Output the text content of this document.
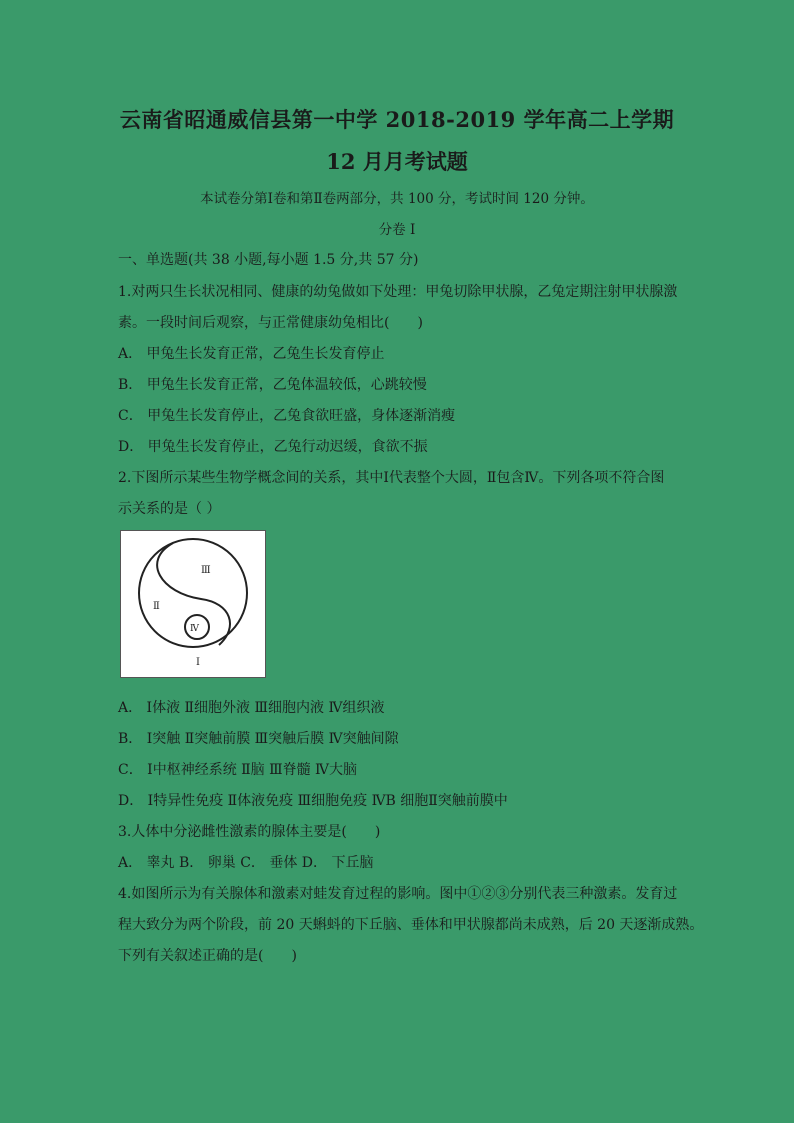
云南省昭通威信县第一中学 2018-2019 学年高二上学期
12 月月考试题
本试卷分第Ⅰ卷和第Ⅱ卷两部分，共 100 分，考试时间 120 分钟。
分卷 I
一、单选题(共 38 小题,每小题 1.5 分,共 57 分)
1.对两只生长状况相同、健康的幼兔做如下处理：甲兔切除甲状腺，乙兔定期注射甲状腺激
素。一段时间后观察，与正常健康幼兔相比(　　)
A． 甲兔生长发育正常，乙兔生长发育停止
B． 甲兔生长发育正常，乙兔体温较低，心跳较慢
C． 甲兔生长发育停止，乙兔食欲旺盛，身体逐渐消瘦
D． 甲兔生长发育停止，乙兔行动迟缓，食欲不振
2.下图所示某些生物学概念间的关系，其中Ⅰ代表整个大圆，Ⅱ包含Ⅳ。下列各项不符合图
示关系的是（ ）
Ⅲ
Ⅱ
Ⅳ
Ⅰ
A． Ⅰ体液 Ⅱ细胞外液 Ⅲ细胞内液 Ⅳ组织液
B． Ⅰ突触 Ⅱ突触前膜 Ⅲ突触后膜 Ⅳ突触间隙
C． Ⅰ中枢神经系统 Ⅱ脑 Ⅲ脊髓 Ⅳ大脑
D． Ⅰ特异性免疫 Ⅱ体液免疫 Ⅲ细胞免疫 ⅣB 细胞Ⅱ突触前膜中
3.人体中分泌雌性激素的腺体主要是(　　)
A． 睾丸 B． 卵巢 C． 垂体 D． 下丘脑
4.如图所示为有关腺体和激素对蛙发育过程的影响。图中①②③分别代表三种激素。发育过
程大致分为两个阶段，前 20 天蝌蚪的下丘脑、垂体和甲状腺都尚未成熟，后 20 天逐渐成熟。
下列有关叙述正确的是(　　)
